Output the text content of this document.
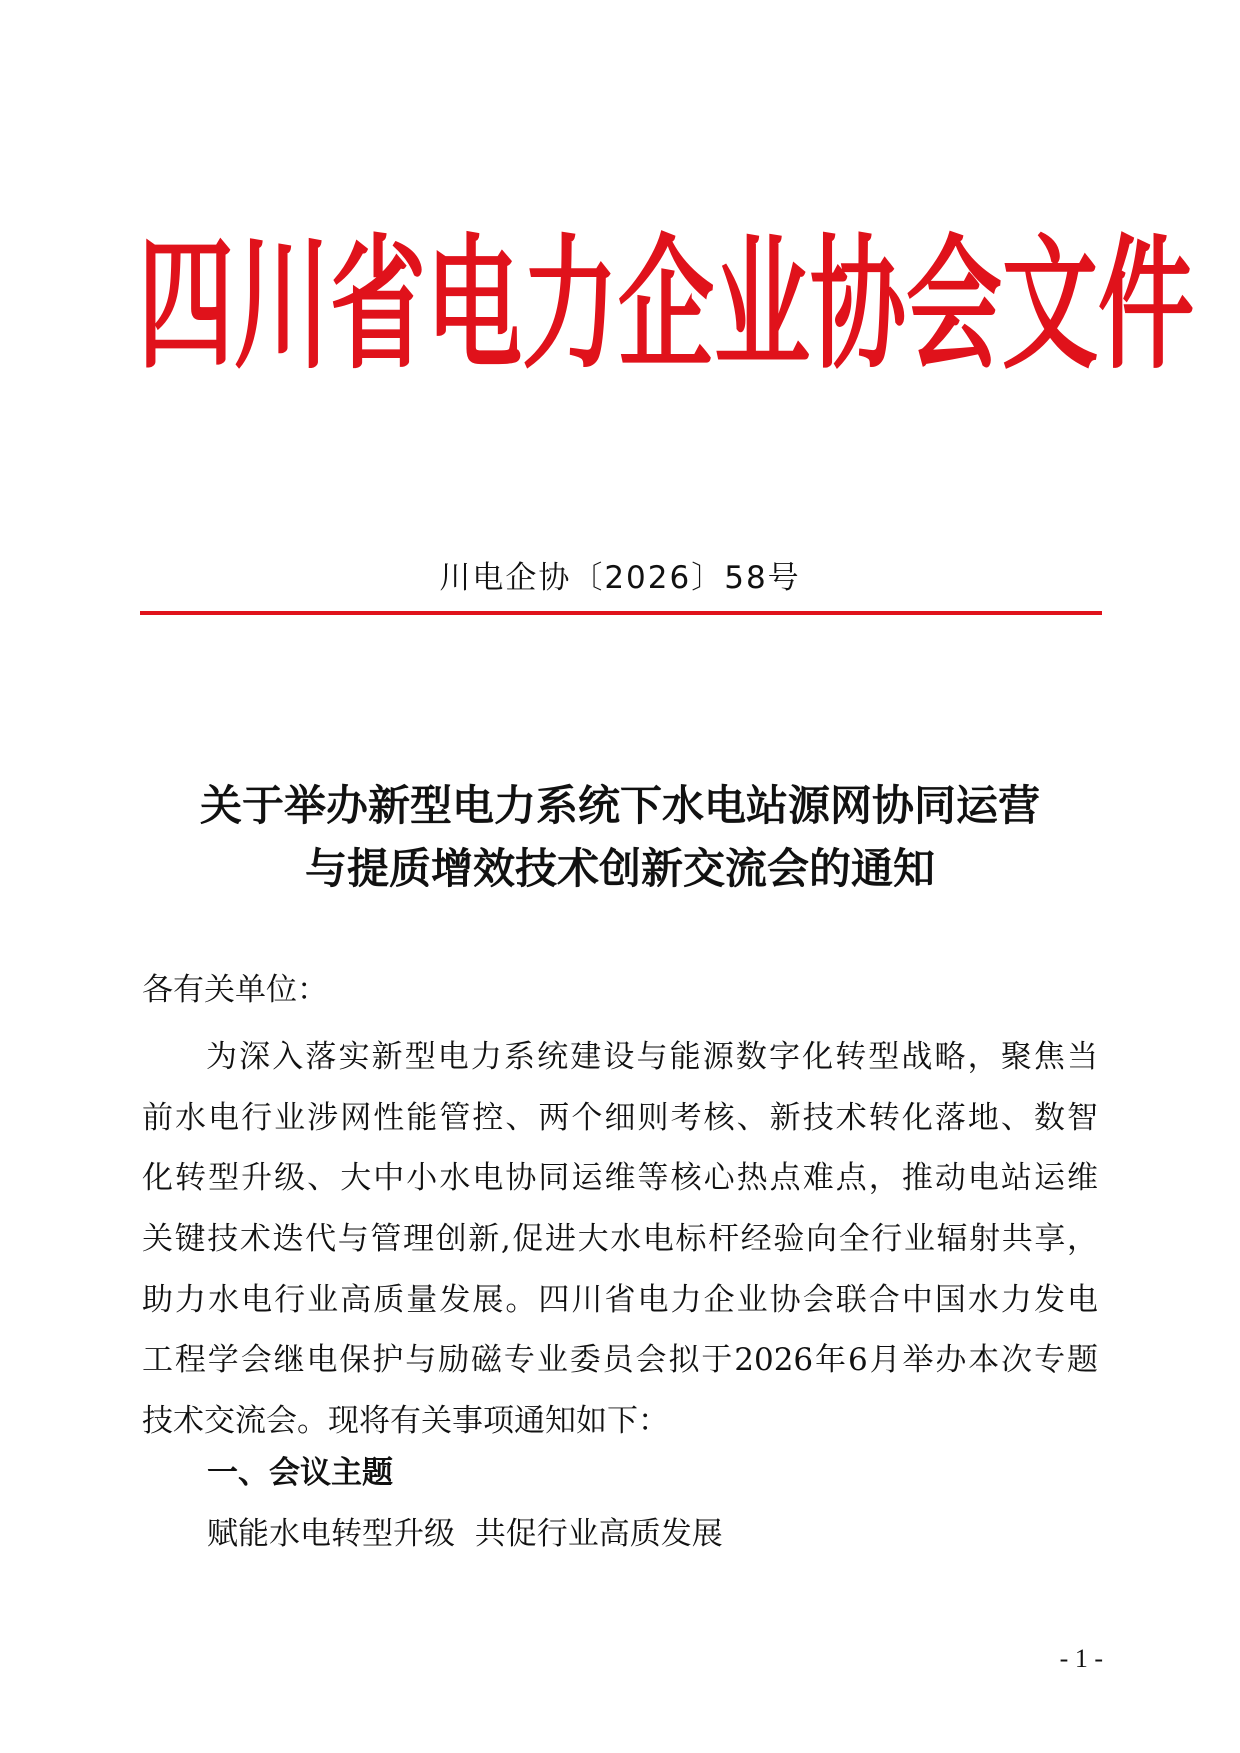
四川省电力企业协会文件
川电企协〔2026〕58号
关于举办新型电力系统下水电站源网协同运营
与提质增效技术创新交流会的通知
各有关单位：
为深入落实新型电力系统建设与能源数字化转型战略，聚焦当
前水电行业涉网性能管控、两个细则考核、新技术转化落地、数智
化转型升级、大中小水电协同运维等核心热点难点，推动电站运维
关键技术迭代与管理创新,促进大水电标杆经验向全行业辐射共享，
助力水电行业高质量发展。四川省电力企业协会联合中国水力发电
工程学会继电保护与励磁专业委员会拟于2026年6月举办本次专题
技术交流会。现将有关事项通知如下：
一、会议主题
赋能水电转型升级  共促行业高质发展
- 1 -
